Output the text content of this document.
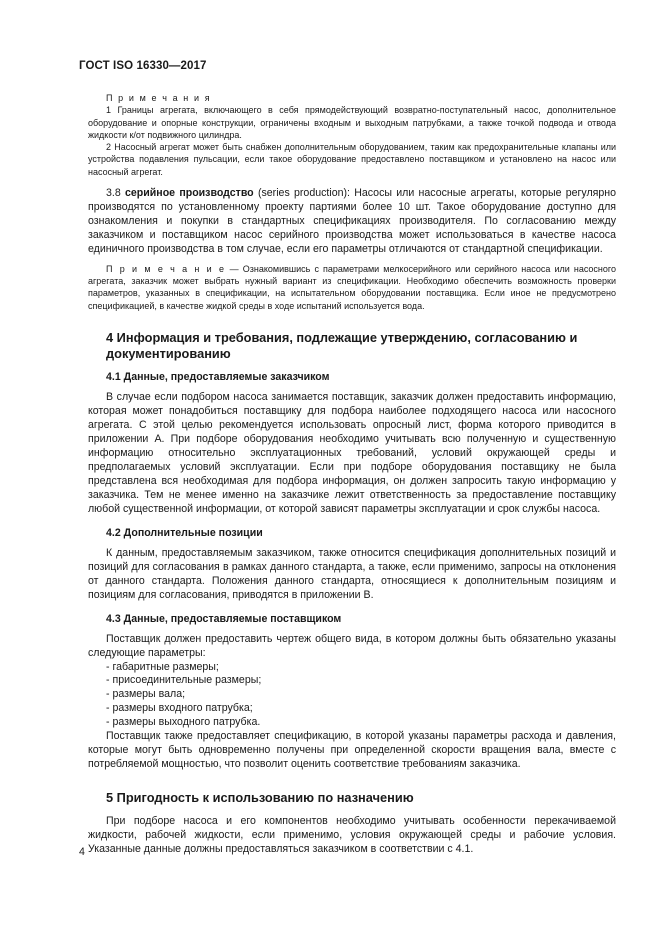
ГОСТ ISO 16330—2017

П р и м е ч а н и я

1 Границы агрегата, включающего в себя прямодействующий возвратно-поступательный насос, дополнительное оборудование и опорные конструкции, ограничены входным и выходным патрубками, а также точкой подвода и отвода жидкости к/от подвижного цилиндра.

2 Насосный агрегат может быть снабжен дополнительным оборудованием, таким как предохранительные клапаны или устройства подавления пульсации, если такое оборудование предоставлено поставщиком и установлено на насос или насосный агрегат.

3.8 серийное производство (series production): Насосы или насосные агрегаты, которые регулярно производятся по установленному проекту партиями более 10 шт. Такое оборудование доступно для ознакомления и покупки в стандартных спецификациях производителя. По согласованию между заказчиком и поставщиком насос серийного производства может использоваться в качестве насоса единичного производства в том случае, если его параметры отличаются от стандартной спецификации.

П р и м е ч а н и е — Ознакомившись с параметрами мелкосерийного или серийного насоса или насосного агрегата, заказчик может выбрать нужный вариант из спецификации. Необходимо обеспечить возможность проверки параметров, указанных в спецификации, на испытательном оборудовании поставщика. Если иное не предусмотрено спецификацией, в качестве жидкой среды в ходе испытаний используется вода.

4 Информация и требования, подлежащие утверждению, согласованию и документированию
4.1 Данные, предоставляемые заказчиком

В случае если подбором насоса занимается поставщик, заказчик должен предоставить информацию, которая может понадобиться поставщику для подбора наиболее подходящего насоса или насосного агрегата. С этой целью рекомендуется использовать опросный лист, форма которого приводится в приложении А. При подборе оборудования необходимо учитывать всю полученную и существенную информацию относительно эксплуатационных требований, условий окружающей среды и предполагаемых условий эксплуатации. Если при подборе оборудования поставщику не была представлена вся необходимая для подбора информация, он должен запросить такую информацию у заказчика. Тем не менее именно на заказчике лежит ответственность за предоставление поставщику любой существенной информации, от которой зависят параметры эксплуатации и срок службы насоса.

4.2 Дополнительные позиции

К данным, предоставляемым заказчиком, также относится спецификация дополнительных позиций и позиций для согласования в рамках данного стандарта, а также, если применимо, запросы на отклонения от данного стандарта. Положения данного стандарта, относящиеся к дополнительным позициям и позициям для согласования, приводятся в приложении В.

4.3 Данные, предоставляемые поставщиком

Поставщик должен предоставить чертеж общего вида, в котором должны быть обязательно указаны следующие параметры:

- габаритные размеры;
- присоединительные размеры;
- размеры вала;
- размеры входного патрубка;
- размеры выходного патрубка.

Поставщик также предоставляет спецификацию, в которой указаны параметры расхода и давления, которые могут быть одновременно получены при определенной скорости вращения вала, вместе с потребляемой мощностью, что позволит оценить соответствие требованиям заказчика.

5 Пригодность к использованию по назначению

При подборе насоса и его компонентов необходимо учитывать особенности перекачиваемой жидкости, рабочей жидкости, если применимо, условия окружающей среды и рабочие условия. Указанные данные должны предоставляться заказчиком в соответствии с 4.1.

4
